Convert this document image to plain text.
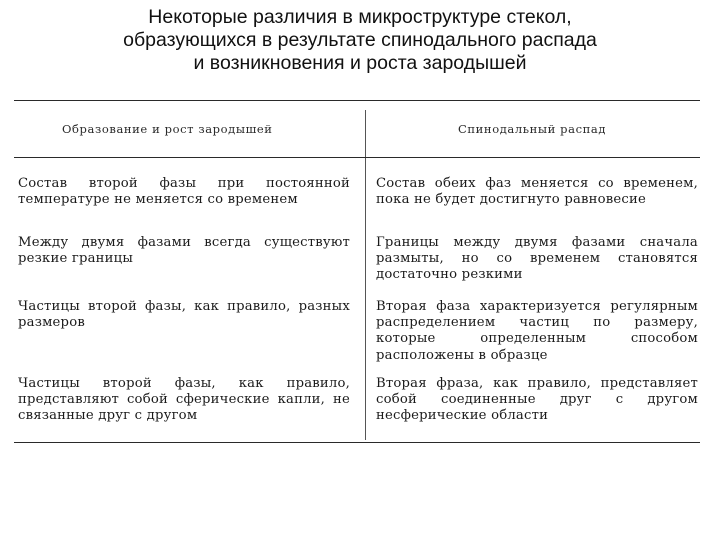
Некоторые различия в микроструктуре стекол,
образующихся в результате спинодального распада
и возникновения и роста зародышей
Образование и рост зародышей	Спинодальный распад
Состав второй фазы при постоянной температуре не меняется со временем
Состав обеих фаз меняется со временем, пока не будет достигнуто равновесие
Между двумя фазами всегда существуют резкие границы
Границы между двумя фазами сначала размыты, но со временем становятся достаточно резкими
Частицы второй фазы, как правило, разных размеров
Вторая фаза характеризуется регулярным распределением частиц по размеру, которые определенным способом расположены в образце
Частицы второй фазы, как правило, представляют собой сферические капли, не связанные друг с другом
Вторая фраза, как правило, представляет собой соединенные друг с другом несферические области
